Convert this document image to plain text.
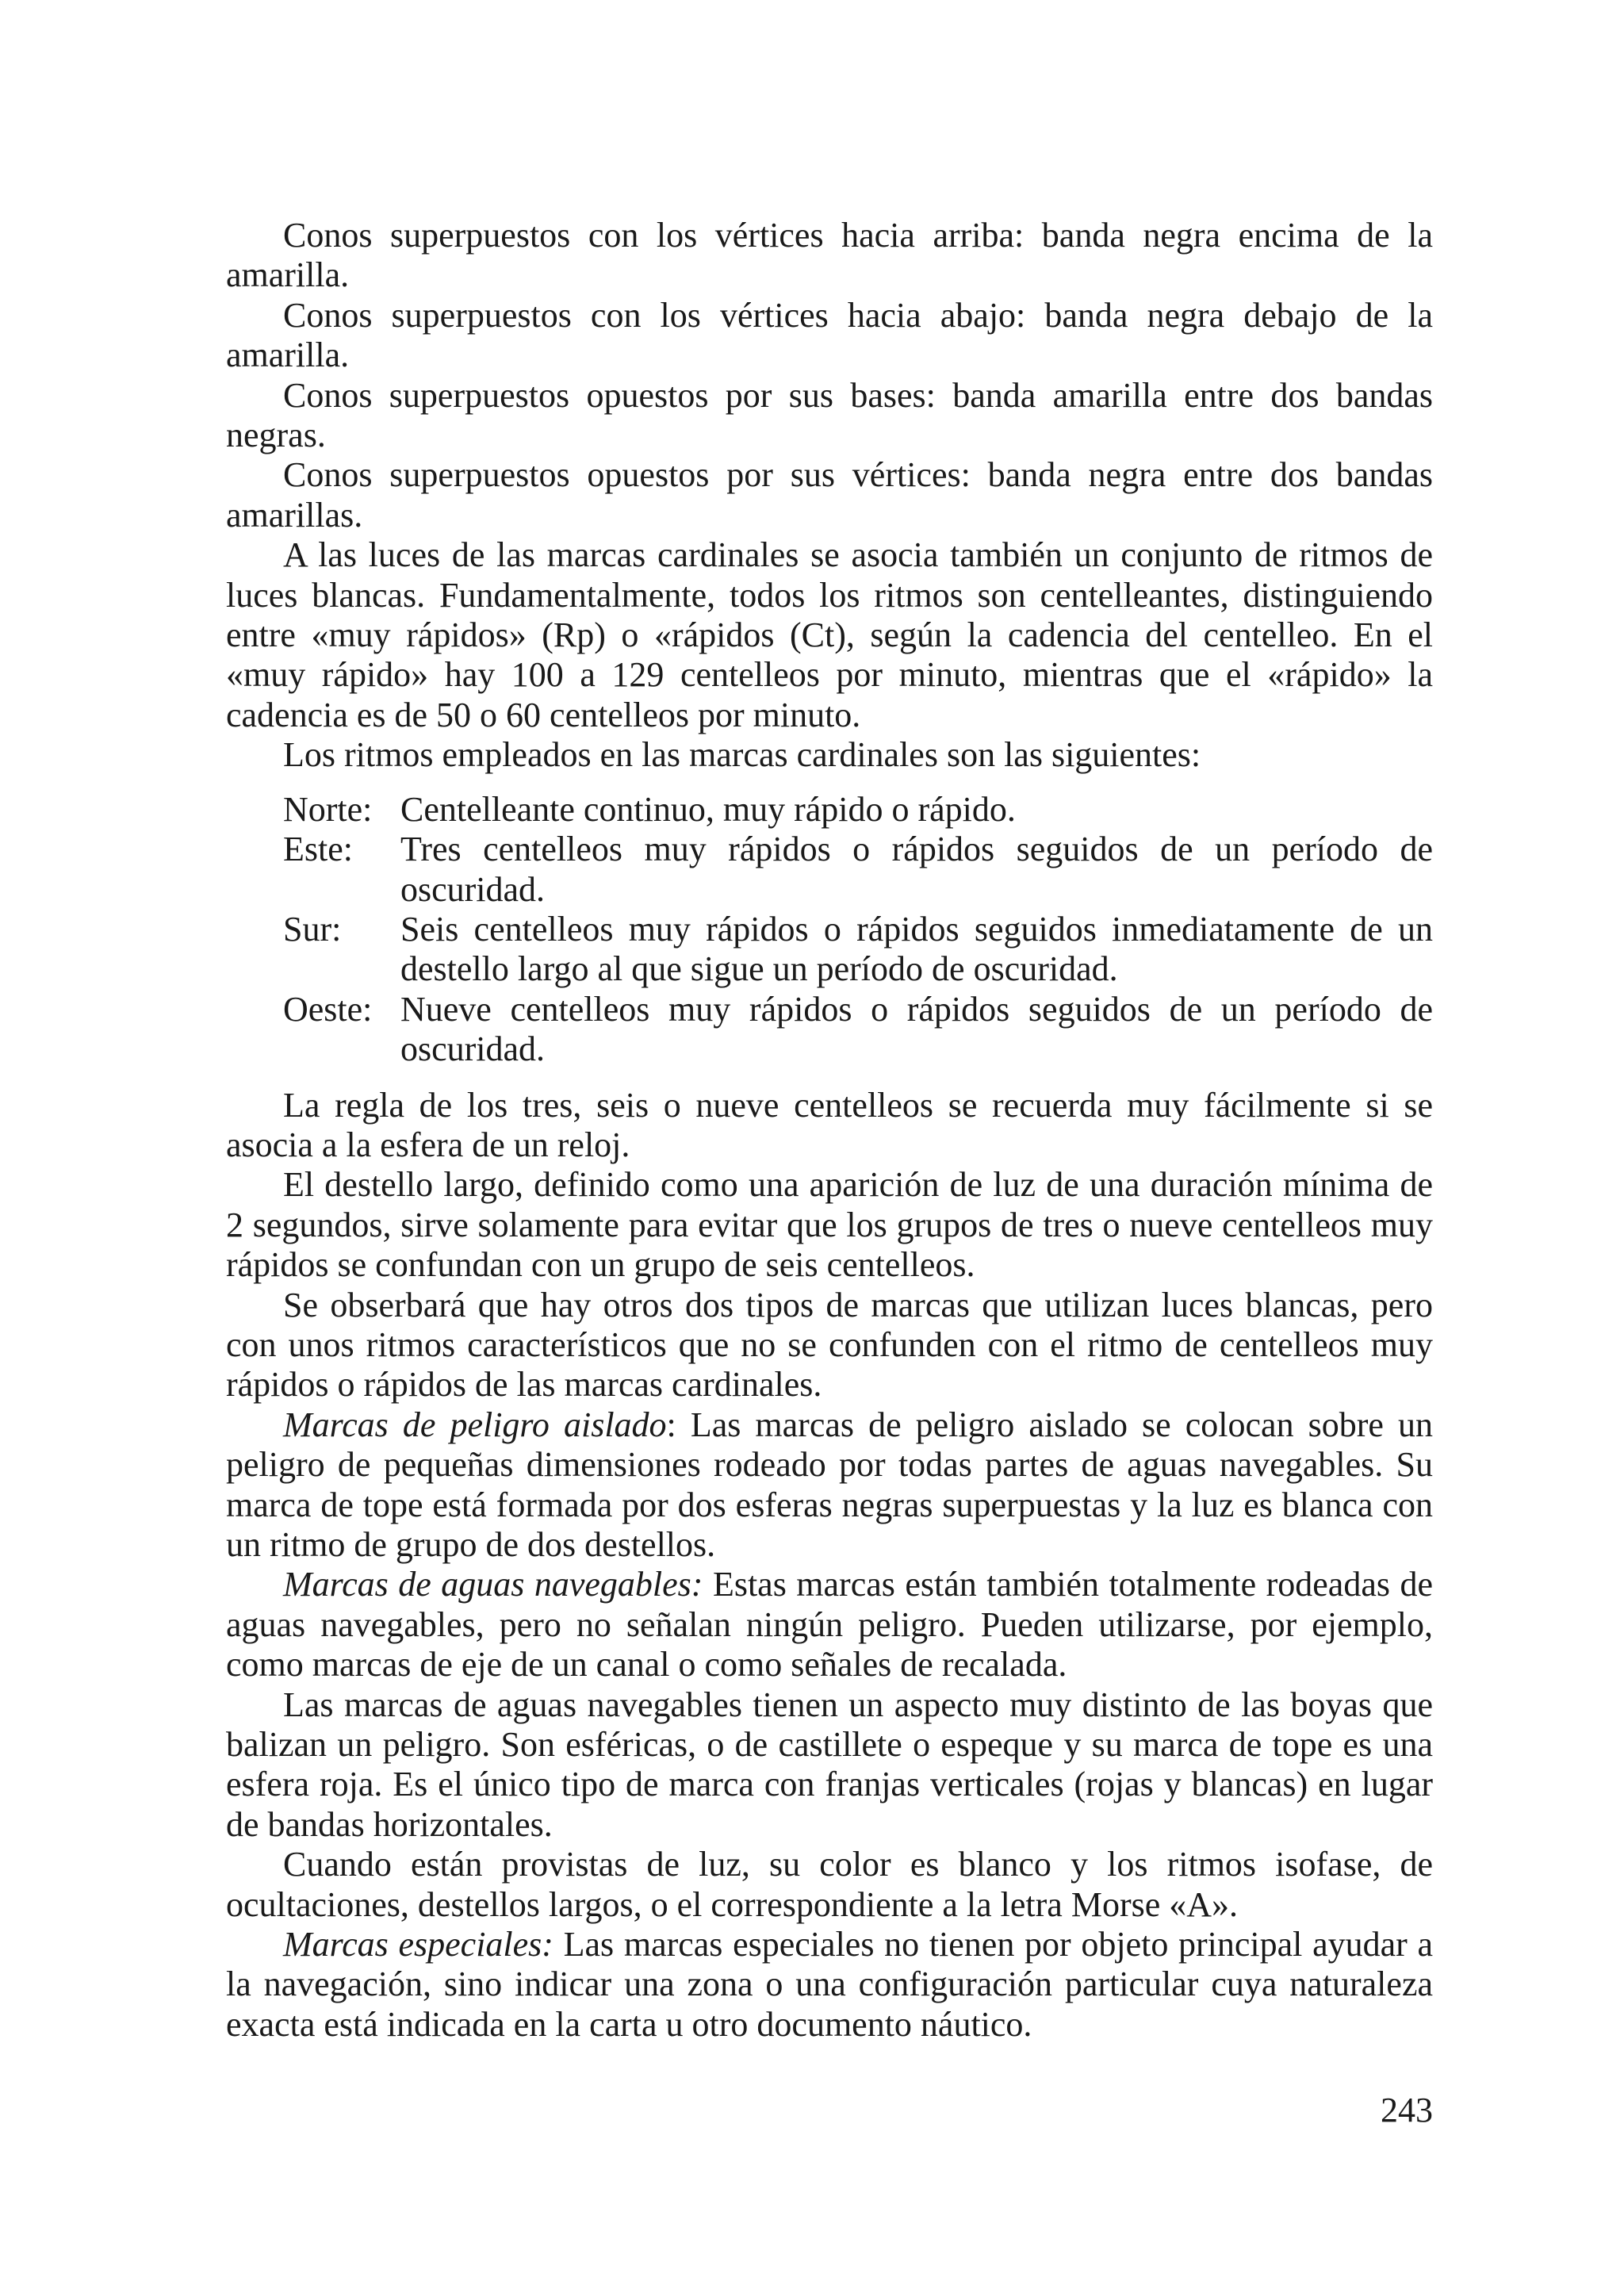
Conos superpuestos con los vértices hacia arriba: banda negra encima de la amarilla.

Conos superpuestos con los vértices hacia abajo: banda negra debajo de la amarilla.

Conos superpuestos opuestos por sus bases: banda amarilla entre dos bandas negras.

Conos superpuestos opuestos por sus vértices: banda negra entre dos bandas amarillas.

A las luces de las marcas cardinales se asocia también un conjunto de ritmos de luces blancas. Fundamentalmente, todos los ritmos son centelleantes, distinguiendo entre «muy rápidos» (Rp) o «rápidos (Ct), según la cadencia del centelleo. En el «muy rápido» hay 100 a 129 centelleos por minuto, mientras que el «rápido» la cadencia es de 50 o 60 centelleos por minuto.

Los ritmos empleados en las marcas cardinales son las siguientes:

Norte: Centelleante continuo, muy rápido o rápido.
Este:	Tres centelleos muy rápidos o rápidos seguidos de un período de oscuridad.
Sur:	Seis centelleos muy rápidos o rápidos seguidos inmediatamente de un destello largo al que sigue un período de oscuridad.
Oeste: Nueve centelleos muy rápidos o rápidos seguidos de un período de oscuridad.

La regla de los tres, seis o nueve centelleos se recuerda muy fácilmente si se asocia a la esfera de un reloj.

El destello largo, definido como una aparición de luz de una duración mínima de 2 segundos, sirve solamente para evitar que los grupos de tres o nueve centelleos muy rápidos se confundan con un grupo de seis centelleos.

Se obserbará que hay otros dos tipos de marcas que utilizan luces blancas, pero con unos ritmos característicos que no se confunden con el ritmo de centelleos muy rápidos o rápidos de las marcas cardinales.

Marcas de peligro aislado: Las marcas de peligro aislado se colocan sobre un peligro de pequeñas dimensiones rodeado por todas partes de aguas navegables. Su marca de tope está formada por dos esferas negras superpuestas y la luz es blanca con un ritmo de grupo de dos destellos.

Marcas de aguas navegables: Estas marcas están también totalmente rodeadas de aguas navegables, pero no señalan ningún peligro. Pueden utilizarse, por ejemplo, como marcas de eje de un canal o como señales de recalada.

Las marcas de aguas navegables tienen un aspecto muy distinto de las boyas que balizan un peligro. Son esféricas, o de castillete o espeque y su marca de tope es una esfera roja. Es el único tipo de marca con franjas verticales (rojas y blancas) en lugar de bandas horizontales.

Cuando están provistas de luz, su color es blanco y los ritmos isofase, de ocultaciones, destellos largos, o el correspondiente a la letra Morse «A».

Marcas especiales: Las marcas especiales no tienen por objeto principal ayudar a la navegación, sino indicar una zona o una configuración particular cuya naturaleza exacta está indicada en la carta u otro documento náutico.

243
